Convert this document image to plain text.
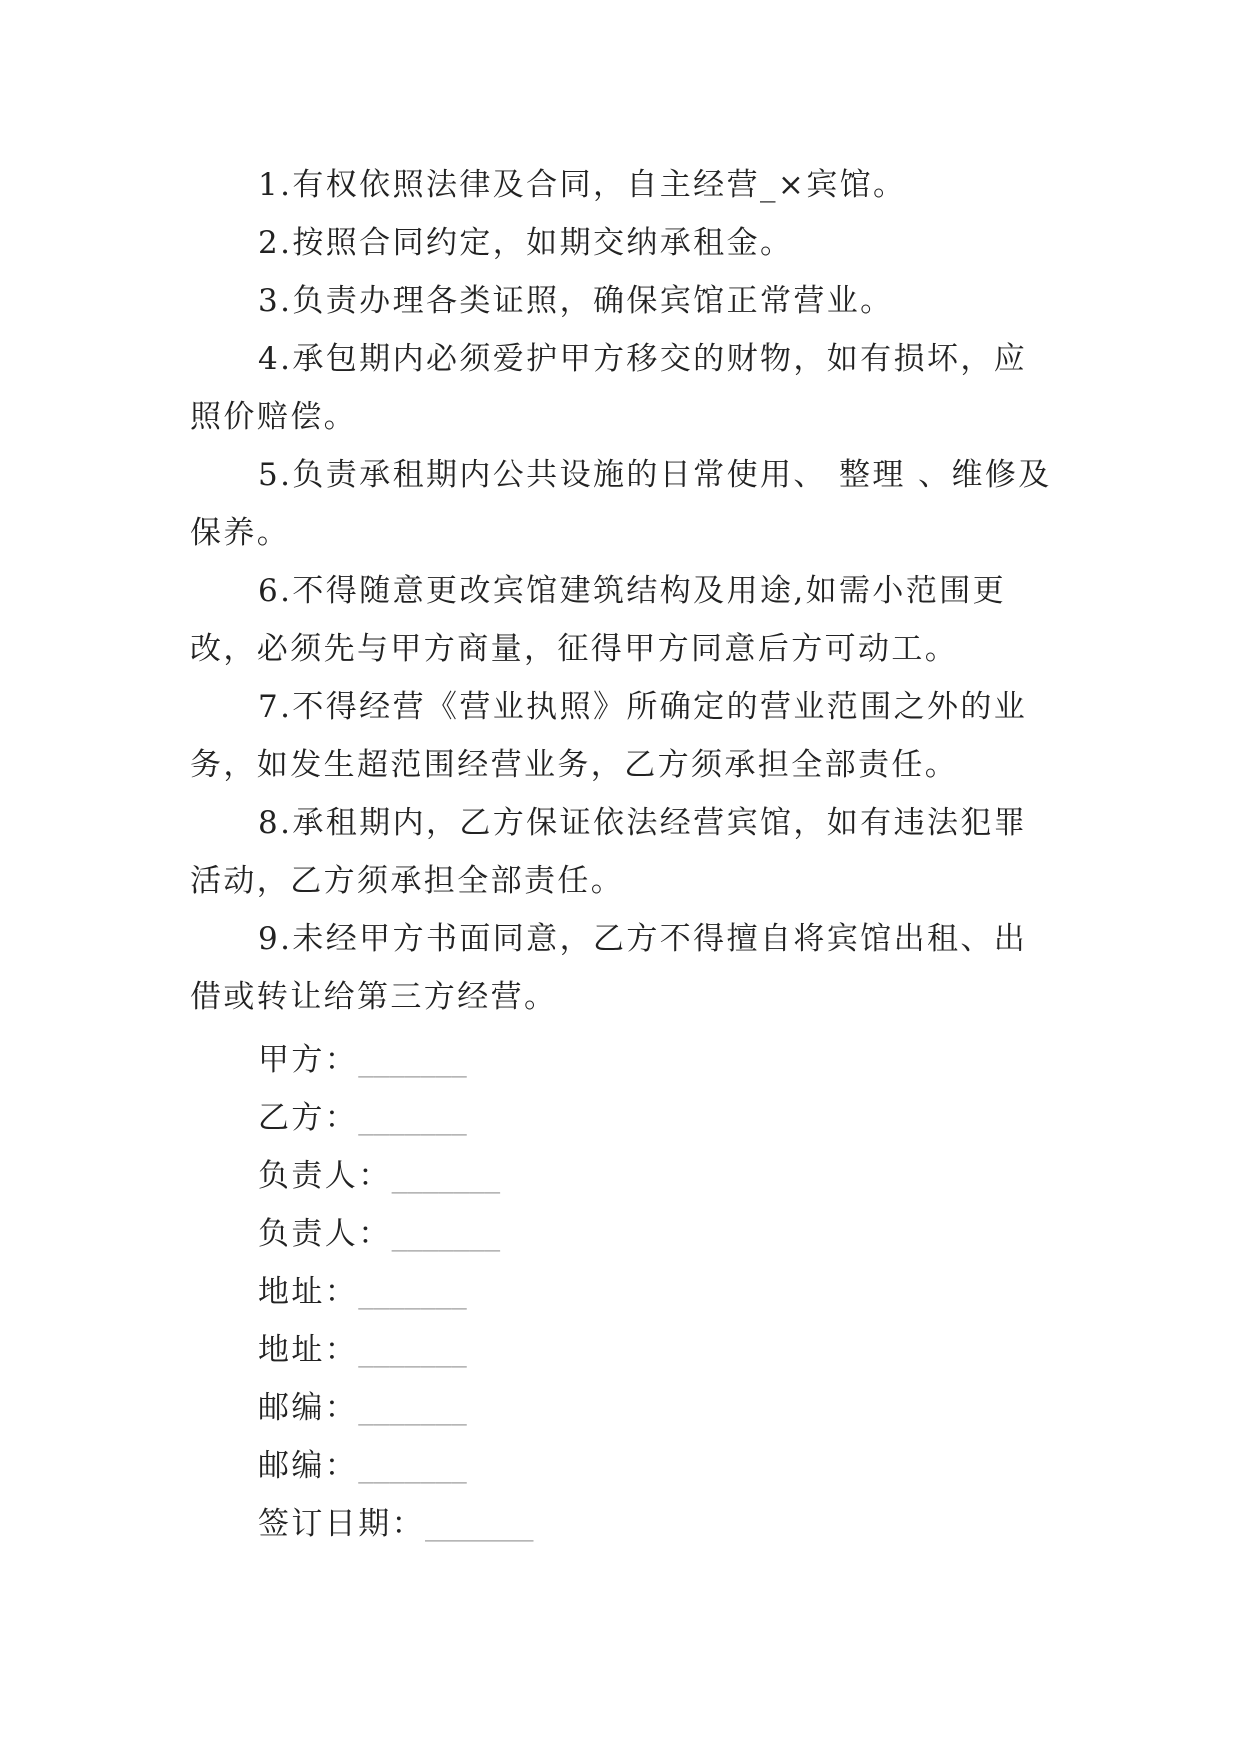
1.有权依照法律及合同，自主经营_×宾馆。

2.按照合同约定，如期交纳承租金。

3.负责办理各类证照，确保宾馆正常营业。

4.承包期内必须爱护甲方移交的财物，如有损坏，应照价赔偿。

5.负责承租期内公共设施的日常使用、 整理 、维修及保养。

6.不得随意更改宾馆建筑结构及用途,如需小范围更改，必须先与甲方商量，征得甲方同意后方可动工。

7.不得经营《营业执照》所确定的营业范围之外的业务，如发生超范围经营业务，乙方须承担全部责任。

8.承租期内，乙方保证依法经营宾馆，如有违法犯罪活动，乙方须承担全部责任。

9.未经甲方书面同意，乙方不得擅自将宾馆出租、出借或转让给第三方经营。

甲方：_______

乙方：_______

负责人：_______

负责人：_______

地址：_______

地址：_______

邮编：_______

邮编：_______

签订日期：_______
